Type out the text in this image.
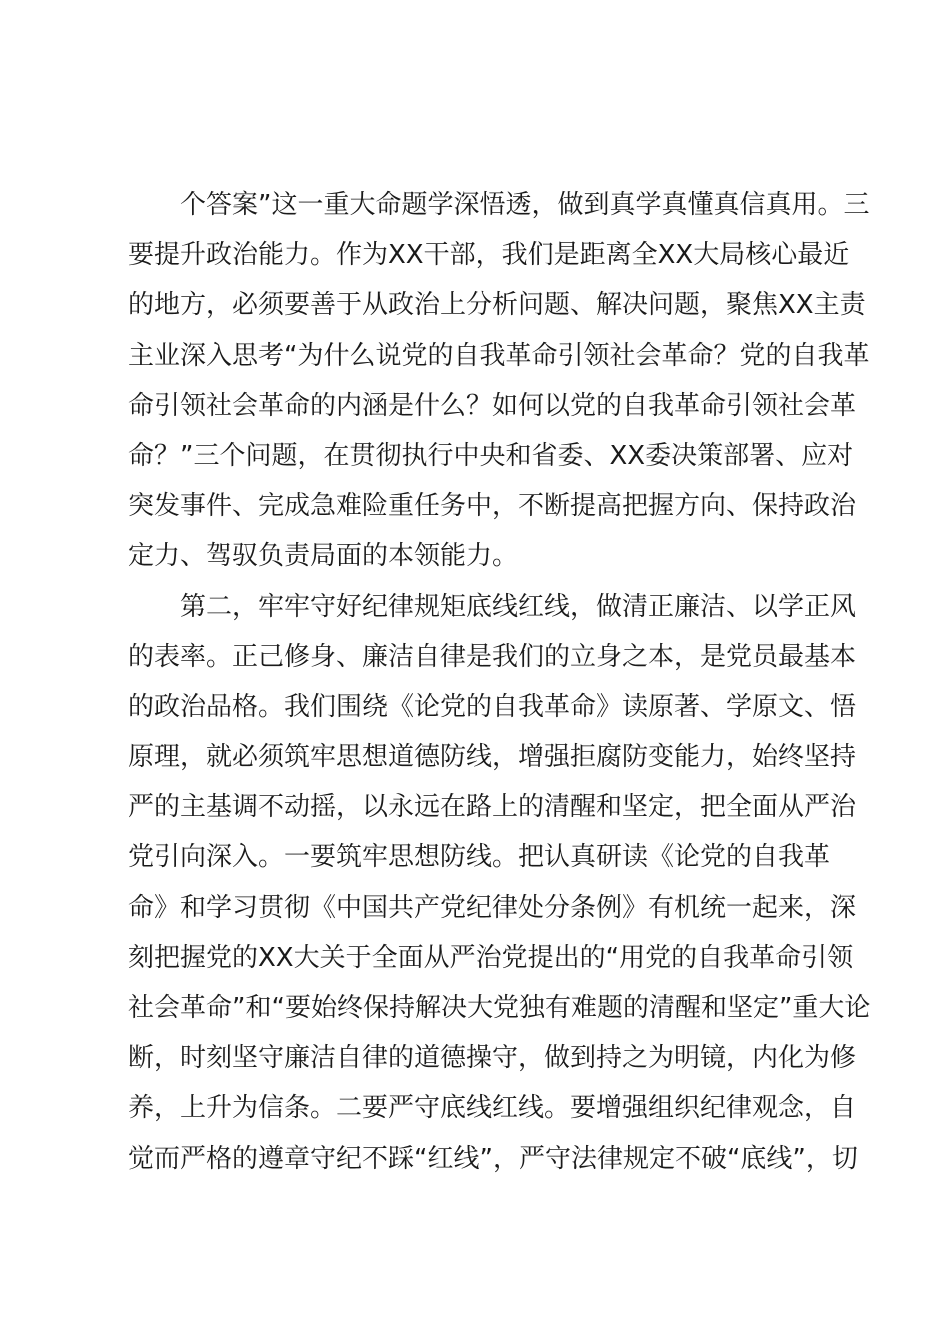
个答案”这一重大命题学深悟透，做到真学真懂真信真用。三
要提升政治能力。作为XX干部，我们是距离全XX大局核心最近
的地方，必须要善于从政治上分析问题、解决问题，聚焦XX主责
主业深入思考“为什么说党的自我革命引领社会革命？党的自我革
命引领社会革命的内涵是什么？如何以党的自我革命引领社会革
命？”三个问题，在贯彻执行中央和省委、XX委决策部署、应对
突发事件、完成急难险重任务中，不断提高把握方向、保持政治
定力、驾驭负责局面的本领能力。
第二，牢牢守好纪律规矩底线红线，做清正廉洁、以学正风
的表率。正己修身、廉洁自律是我们的立身之本，是党员最基本
的政治品格。我们围绕《论党的自我革命》读原著、学原文、悟
原理，就必须筑牢思想道德防线，增强拒腐防变能力，始终坚持
严的主基调不动摇，以永远在路上的清醒和坚定，把全面从严治
党引向深入。一要筑牢思想防线。把认真研读《论党的自我革
命》和学习贯彻《中国共产党纪律处分条例》有机统一起来，深
刻把握党的XX大关于全面从严治党提出的“用党的自我革命引领
社会革命”和“要始终保持解决大党独有难题的清醒和坚定”重大论
断，时刻坚守廉洁自律的道德操守，做到持之为明镜，内化为修
养，上升为信条。二要严守底线红线。要增强组织纪律观念，自
觉而严格的遵章守纪不踩“红线”，严守法律规定不破“底线”，切
